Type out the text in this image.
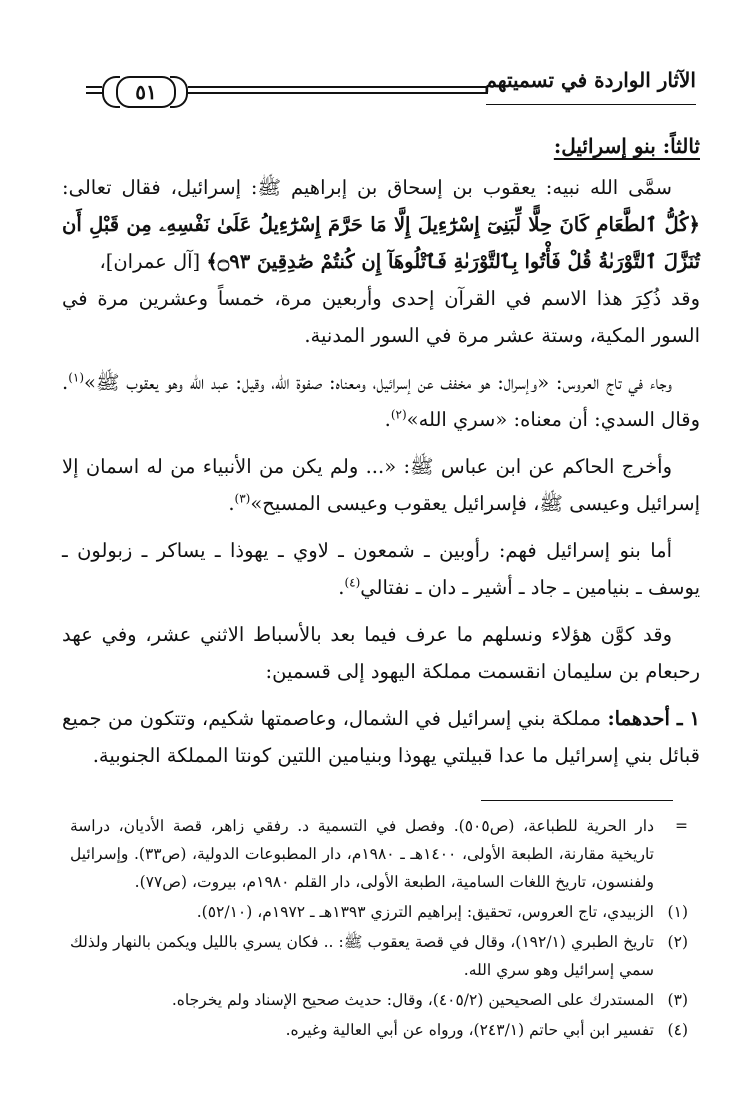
٥١	الآثار الواردة في تسميتهم

ثالثاً: بنو إسرائيل:

سمَّى الله نبيه: يعقوب بن إسحاق بن إبراهيم ﷺ: إسرائيل، فقال تعالى: ﴿كُلُّ ٱلطَّعَامِ كَانَ حِلًّا لِّبَنِىٓ إِسْرَٰٓءِيلَ إِلَّا مَا حَرَّمَ إِسْرَٰٓءِيلُ عَلَىٰ نَفْسِهِۦ مِن قَبْلِ أَن تُنَزَّلَ ٱلتَّوْرَىٰةُ قُلْ فَأْتُوا بِٱلتَّوْرَىٰةِ فَٱتْلُوهَآ إِن كُنتُمْ صَٰدِقِينَ ۝٩٣﴾ [آل عمران]،

وقد ذُكِرَ هذا الاسم في القرآن إحدى وأربعين مرة، خمساً وعشرين مرة في السور المكية، وستة عشر مرة في السور المدنية.

وجاء في تاج العروس: «وإسرال: هو مخفف عن إسرائيل، ومعناه: صفوة الله، وقيل: عبد الله وهو يعقوب ﷺ»$^{(١)}$. وقال السدي: أن معناه: «سري الله»$^{(٢)}$.

وأخرج الحاكم عن ابن عباس ﷺ: «... ولم يكن من الأنبياء من له اسمان إلا إسرائيل وعيسى ﷺ، فإسرائيل يعقوب وعيسى المسيح»$^{(٣)}$.

أما بنو إسرائيل فهم: رأوبين ـ شمعون ـ لاوي ـ يهوذا ـ يساكر ـ زبولون ـ يوسف ـ بنيامين ـ جاد ـ أشير ـ دان ـ نفتالي$^{(٤)}$.

وقد كوَّن هؤلاء ونسلهم ما عرف فيما بعد بالأسباط الاثني عشر، وفي عهد رحبعام بن سليمان انقسمت مملكة اليهود إلى قسمين:

١ ـ أحدهما: مملكة بني إسرائيل في الشمال، وعاصمتها شكيم، وتتكون من جميع قبائل بني إسرائيل ما عدا قبيلتي يهوذا وبنيامين اللتين كونتا المملكة الجنوبية.

=
دار الحرية للطباعة، (ص٥٠٥). وفصل في التسمية د. رفقي زاهر، قصة الأديان، دراسة تاريخية مقارنة، الطبعة الأولى، ١٤٠٠هـ ـ ١٩٨٠م، دار المطبوعات الدولية، (ص٣٣). وإسرائيل ولفنسون، تاريخ اللغات السامية، الطبعة الأولى، دار القلم ١٩٨٠م، بيروت، (ص٧٧).
(١)
الزبيدي، تاج العروس، تحقيق: إبراهيم الترزي ١٣٩٣هـ ـ ١٩٧٢م، (٥٢/١٠).
(٢)
تاريخ الطبري (١٩٢/١)، وقال في قصة يعقوب ﷺ: .. فكان يسري بالليل ويكمن بالنهار ولذلك سمي إسرائيل وهو سري الله.
(٣)
المستدرك على الصحيحين (٤٠٥/٢)، وقال: حديث صحيح الإسناد ولم يخرجاه.
(٤)
تفسير ابن أبي حاتم (٢٤٣/١)، ورواه عن أبي العالية وغيره.
